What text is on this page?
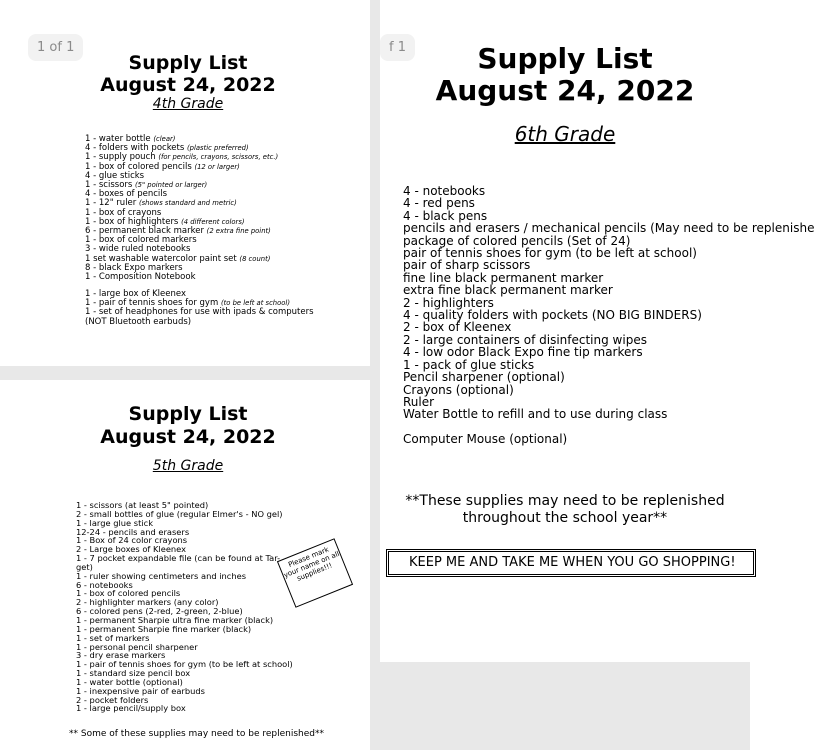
1 of 1
Supply List
August 24, 2022
4th Grade
1 - water bottle (clear)
4 - folders with pockets (plastic preferred)
1 - supply pouch (for pencils, crayons, scissors, etc.)
1 - box of colored pencils (12 or larger)
4 - glue sticks
1 - scissors (5" pointed or larger)
4 - boxes of pencils
1 - 12" ruler (shows standard and metric)
1 - box of crayons
1 - box of highlighters (4 different colors)
6 - permanent black marker (2 extra fine point)
1 - box of colored markers
3 - wide ruled notebooks
1 set washable watercolor paint set (8 count)
8 - black Expo markers
1 - Composition Notebook
1 - large box of Kleenex
1 - pair of tennis shoes for gym (to be left at school)
1 - set of headphones for use with ipads & computers
(NOT Bluetooth earbuds)
Supply List
August 24, 2022
5th Grade
1 - scissors (at least 5" pointed)
2 - small bottles of glue (regular Elmer's - NO gel)
1 - large glue stick
12-24 - pencils and erasers
1 - Box of 24 color crayons
2 - Large boxes of Kleenex
1 - 7 pocket expandable file (can be found at Tar-
get)
1 - ruler showing centimeters and inches
6 - notebooks
1 - box of colored pencils
2 - highlighter markers (any color)
6 - colored pens (2-red, 2-green, 2-blue)
1 - permanent Sharpie ultra fine marker (black)
1 - permanent Sharpie fine marker (black)
1 - set of markers
1 - personal pencil sharpener
3 - dry erase markers
1 - pair of tennis shoes for gym (to be left at school)
1 - standard size pencil box
1 - water bottle (optional)
1 - inexpensive pair of earbuds
2 - pocket folders
1 - large pencil/supply box
Please mark your name on all supplies!!!
** Some of these supplies may need to be replenished**
f 1	Supply List
August 24, 2022
6th Grade
4 - notebooks
4 - red pens
4 - black pens
pencils and erasers / mechanical pencils (May need to be replenishe
package of colored pencils (Set of 24)
pair of tennis shoes for gym (to be left at school)
pair of sharp scissors
fine line black permanent marker
extra fine black permanent marker
2 - highlighters
4 - quality folders with pockets (NO BIG BINDERS)
2 - box of Kleenex
2 - large containers of disinfecting wipes
4 - low odor Black Expo fine tip markers
1 - pack of glue sticks
Pencil sharpener (optional)
Crayons (optional)
Ruler
Water Bottle to refill and to use during class

Computer Mouse (optional)
**These supplies may need to be replenished
throughout the school year**
KEEP ME AND TAKE ME WHEN YOU GO SHOPPING!
